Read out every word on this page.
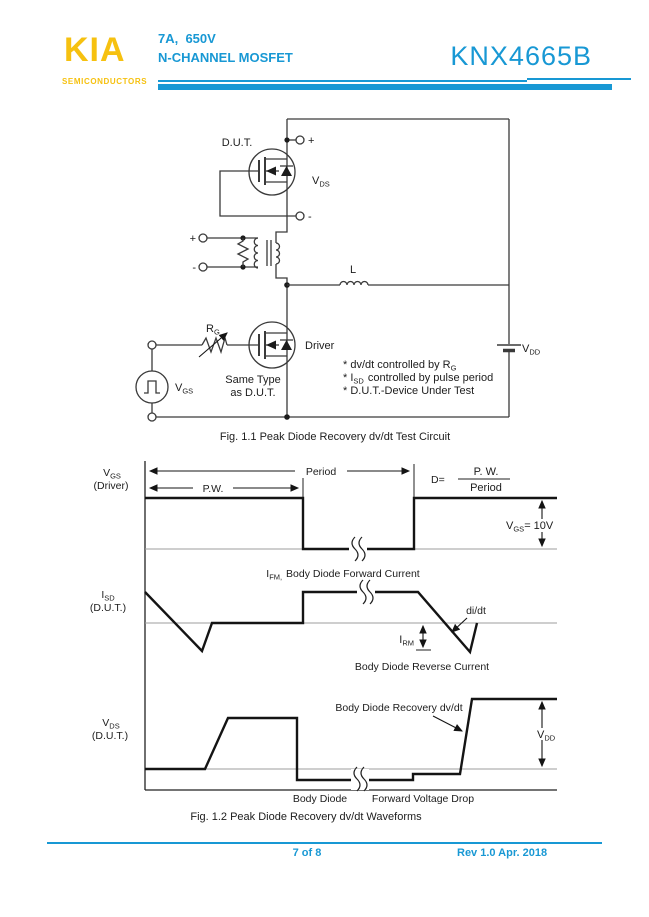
KIA
SEMICONDUCTORS
7A,  650V
N-CHANNEL MOSFET	KNX4665B
D.U.T.	+
-
$V_{DS}$
+
-	L
Driver
Same Type
as D.U.T.
$R_G$
$V_{GS}$
$V_{DD}$
* dv/dt controlled by $R_G$
* $I_{SD}$ controlled by pulse period
* D.U.T.-Device Under Test
Fig. 1.1 Peak Diode Recovery dv/dt Test Circuit
$V_{GS}$
(Driver)
Period
P.W.
D=
P. W.
Period
$V_{GS}= 10V$
$I_{SD}$
(D.U.T.)
$I_{FM,}$ Body Diode Forward Current
di/dt
$I_{RM}$
Body Diode Reverse Current
$V_{DS}$
(D.U.T.)
Body Diode Recovery dv/dt
$V_{DD}$
Body Diode Forward Voltage Drop
Fig. 1.2 Peak Diode Recovery dv/dt Waveforms
7 of 8	Rev 1.0 Apr. 2018
